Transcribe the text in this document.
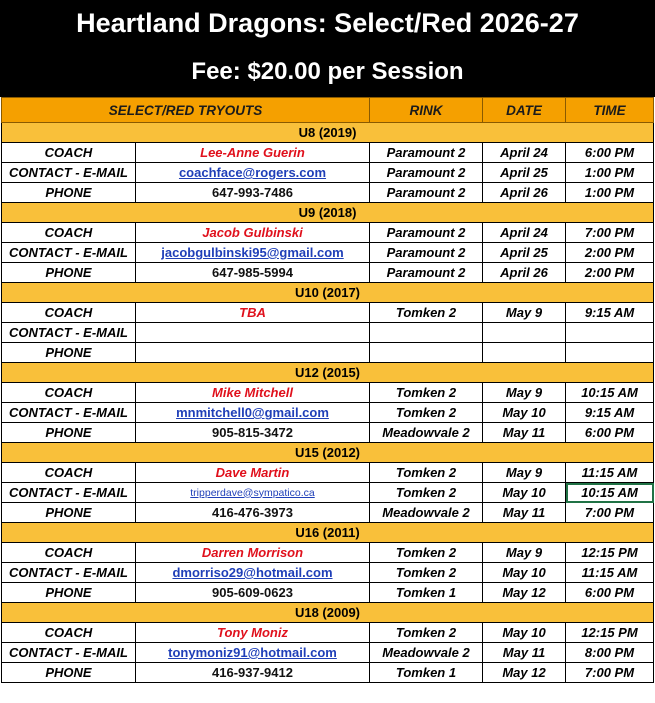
Heartland Dragons: Select/Red 2026-27
Fee: $20.00 per Session
SELECT/RED TRYOUTS		RINK	DATE	TIME
U8 (2019)				
COACH	Lee-Anne Guerin	Paramount 2	April 24	6:00 PM
CONTACT - E-MAIL	coachface@rogers.com	Paramount 2	April 25	1:00 PM
PHONE	647-993-7486	Paramount 2	April 26	1:00 PM
U9 (2018)				
COACH	Jacob Gulbinski	Paramount 2	April 24	7:00 PM
CONTACT - E-MAIL	jacobgulbinski95@gmail.com	Paramount 2	April 25	2:00 PM
PHONE	647-985-5994	Paramount 2	April 26	2:00 PM
U10 (2017)				
COACH	TBA	Tomken 2	May 9	9:15 AM
CONTACT - E-MAIL				
PHONE				
U12 (2015)				
COACH	Mike Mitchell	Tomken 2	May 9	10:15 AM
CONTACT - E-MAIL	mnmitchell0@gmail.com	Tomken 2	May 10	9:15 AM
PHONE	905-815-3472	Meadowvale 2	May 11	6:00 PM
U15 (2012)				
COACH	Dave Martin	Tomken 2	May 9	11:15 AM
CONTACT - E-MAIL	tripperdave@sympatico.ca	Tomken 2	May 10	10:15 AM
PHONE	416-476-3973	Meadowvale 2	May 11	7:00 PM
U16 (2011)				
COACH	Darren Morrison	Tomken 2	May 9	12:15 PM
CONTACT - E-MAIL	dmorriso29@hotmail.com	Tomken 2	May 10	11:15 AM
PHONE	905-609-0623	Tomken 1	May 12	6:00 PM
U18 (2009)				
COACH	Tony Moniz	Tomken 2	May 10	12:15 PM
CONTACT - E-MAIL	tonymoniz91@hotmail.com	Meadowvale 2	May 11	8:00 PM
PHONE	416-937-9412	Tomken 1	May 12	7:00 PM
